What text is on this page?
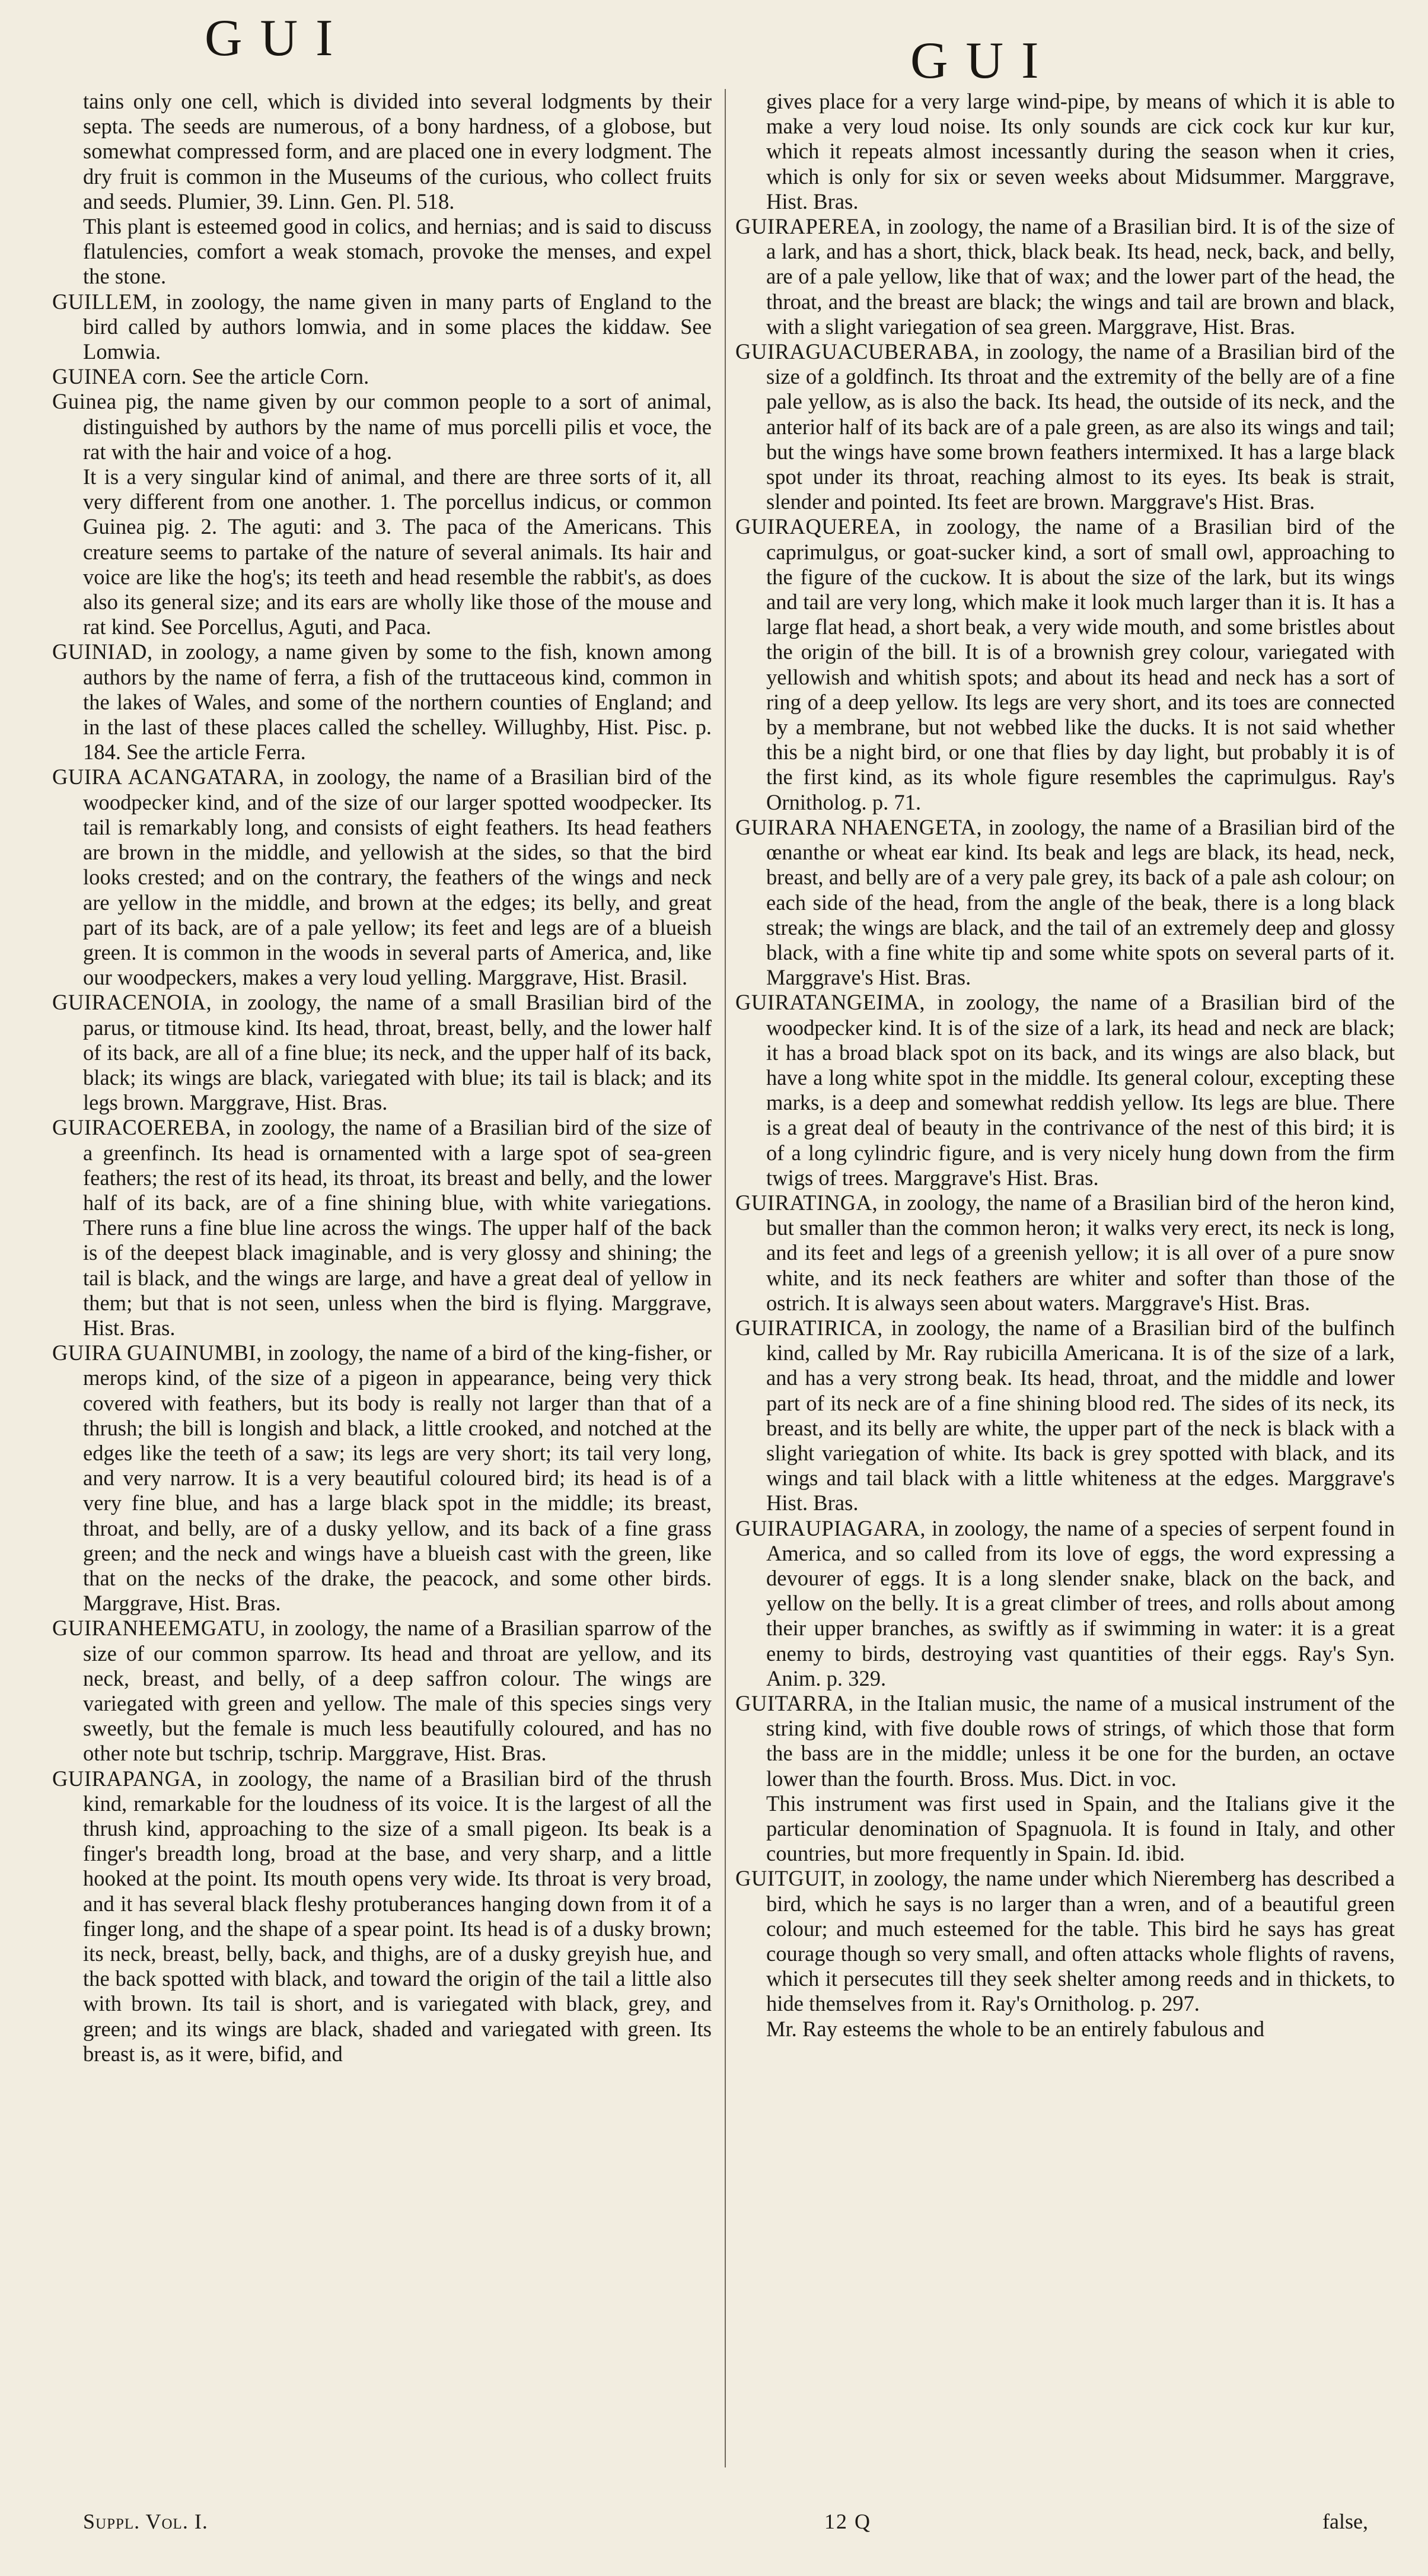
GUI	GUI

tains only one cell, which is divided into several lodgments by their septa. The seeds are numerous, of a bony hardness, of a globose, but somewhat compressed form, and are placed one in every lodgment. The dry fruit is common in the Museums of the curious, who collect fruits and seeds. Plumier, 39. Linn. Gen. Pl. 518.

This plant is esteemed good in colics, and hernias; and is said to discuss flatulencies, comfort a weak stomach, provoke the menses, and expel the stone.

GUILLEM, in zoology, the name given in many parts of England to the bird called by authors lomwia, and in some places the kiddaw. See Lomwia.

GUINEA corn. See the article Corn.

Guinea pig, the name given by our common people to a sort of animal, distinguished by authors by the name of mus porcelli pilis et voce, the rat with the hair and voice of a hog.

It is a very singular kind of animal, and there are three sorts of it, all very different from one another. 1. The porcellus indicus, or common Guinea pig. 2. The aguti: and 3. The paca of the Americans. This creature seems to partake of the nature of several animals. Its hair and voice are like the hog's; its teeth and head resemble the rabbit's, as does also its general size; and its ears are wholly like those of the mouse and rat kind. See Porcellus, Aguti, and Paca.

GUINIAD, in zoology, a name given by some to the fish, known among authors by the name of ferra, a fish of the truttaceous kind, common in the lakes of Wales, and some of the northern counties of England; and in the last of these places called the schelley. Willughby, Hist. Pisc. p. 184. See the article Ferra.

GUIRA ACANGATARA, in zoology, the name of a Brasilian bird of the woodpecker kind, and of the size of our larger spotted woodpecker. Its tail is remarkably long, and consists of eight feathers. Its head feathers are brown in the middle, and yellowish at the sides, so that the bird looks crested; and on the contrary, the feathers of the wings and neck are yellow in the middle, and brown at the edges; its belly, and great part of its back, are of a pale yellow; its feet and legs are of a blueish green. It is common in the woods in several parts of America, and, like our woodpeckers, makes a very loud yelling. Marggrave, Hist. Brasil.

GUIRACENOIA, in zoology, the name of a small Brasilian bird of the parus, or titmouse kind. Its head, throat, breast, belly, and the lower half of its back, are all of a fine blue; its neck, and the upper half of its back, black; its wings are black, variegated with blue; its tail is black; and its legs brown. Marggrave, Hist. Bras.

GUIRACOEREBA, in zoology, the name of a Brasilian bird of the size of a greenfinch. Its head is ornamented with a large spot of sea-green feathers; the rest of its head, its throat, its breast and belly, and the lower half of its back, are of a fine shining blue, with white variegations. There runs a fine blue line across the wings. The upper half of the back is of the deepest black imaginable, and is very glossy and shining; the tail is black, and the wings are large, and have a great deal of yellow in them; but that is not seen, unless when the bird is flying. Marggrave, Hist. Bras.

GUIRA GUAINUMBI, in zoology, the name of a bird of the king-fisher, or merops kind, of the size of a pigeon in appearance, being very thick covered with feathers, but its body is really not larger than that of a thrush; the bill is longish and black, a little crooked, and notched at the edges like the teeth of a saw; its legs are very short; its tail very long, and very narrow. It is a very beautiful coloured bird; its head is of a very fine blue, and has a large black spot in the middle; its breast, throat, and belly, are of a dusky yellow, and its back of a fine grass green; and the neck and wings have a blueish cast with the green, like that on the necks of the drake, the peacock, and some other birds. Marggrave, Hist. Bras.

GUIRANHEEMGATU, in zoology, the name of a Brasilian sparrow of the size of our common sparrow. Its head and throat are yellow, and its neck, breast, and belly, of a deep saffron colour. The wings are variegated with green and yellow. The male of this species sings very sweetly, but the female is much less beautifully coloured, and has no other note but tschrip, tschrip. Marggrave, Hist. Bras.

GUIRAPANGA, in zoology, the name of a Brasilian bird of the thrush kind, remarkable for the loudness of its voice. It is the largest of all the thrush kind, approaching to the size of a small pigeon. Its beak is a finger's breadth long, broad at the base, and very sharp, and a little hooked at the point. Its mouth opens very wide. Its throat is very broad, and it has several black fleshy protuberances hanging down from it of a finger long, and the shape of a spear point. Its head is of a dusky brown; its neck, breast, belly, back, and thighs, are of a dusky greyish hue, and the back spotted with black, and toward the origin of the tail a little also with brown. Its tail is short, and is variegated with black, grey, and green; and its wings are black, shaded and variegated with green. Its breast is, as it were, bifid, and

gives place for a very large wind-pipe, by means of which it is able to make a very loud noise. Its only sounds are cick cock kur kur kur, which it repeats almost incessantly during the season when it cries, which is only for six or seven weeks about Midsummer. Marggrave, Hist. Bras.

GUIRAPEREA, in zoology, the name of a Brasilian bird. It is of the size of a lark, and has a short, thick, black beak. Its head, neck, back, and belly, are of a pale yellow, like that of wax; and the lower part of the head, the throat, and the breast are black; the wings and tail are brown and black, with a slight variegation of sea green. Marggrave, Hist. Bras.

GUIRAGUACUBERABA, in zoology, the name of a Brasilian bird of the size of a goldfinch. Its throat and the extremity of the belly are of a fine pale yellow, as is also the back. Its head, the outside of its neck, and the anterior half of its back are of a pale green, as are also its wings and tail; but the wings have some brown feathers intermixed. It has a large black spot under its throat, reaching almost to its eyes. Its beak is strait, slender and pointed. Its feet are brown. Marggrave's Hist. Bras.

GUIRAQUEREA, in zoology, the name of a Brasilian bird of the caprimulgus, or goat-sucker kind, a sort of small owl, approaching to the figure of the cuckow. It is about the size of the lark, but its wings and tail are very long, which make it look much larger than it is. It has a large flat head, a short beak, a very wide mouth, and some bristles about the origin of the bill. It is of a brownish grey colour, variegated with yellowish and whitish spots; and about its head and neck has a sort of ring of a deep yellow. Its legs are very short, and its toes are connected by a membrane, but not webbed like the ducks. It is not said whether this be a night bird, or one that flies by day light, but probably it is of the first kind, as its whole figure resembles the caprimulgus. Ray's Ornitholog. p. 71.

GUIRARA NHAENGETA, in zoology, the name of a Brasilian bird of the œnanthe or wheat ear kind. Its beak and legs are black, its head, neck, breast, and belly are of a very pale grey, its back of a pale ash colour; on each side of the head, from the angle of the beak, there is a long black streak; the wings are black, and the tail of an extremely deep and glossy black, with a fine white tip and some white spots on several parts of it. Marggrave's Hist. Bras.

GUIRATANGEIMA, in zoology, the name of a Brasilian bird of the woodpecker kind. It is of the size of a lark, its head and neck are black; it has a broad black spot on its back, and its wings are also black, but have a long white spot in the middle. Its general colour, excepting these marks, is a deep and somewhat reddish yellow. Its legs are blue. There is a great deal of beauty in the contrivance of the nest of this bird; it is of a long cylindric figure, and is very nicely hung down from the firm twigs of trees. Marggrave's Hist. Bras.

GUIRATINGA, in zoology, the name of a Brasilian bird of the heron kind, but smaller than the common heron; it walks very erect, its neck is long, and its feet and legs of a greenish yellow; it is all over of a pure snow white, and its neck feathers are whiter and softer than those of the ostrich. It is always seen about waters. Marggrave's Hist. Bras.

GUIRATIRICA, in zoology, the name of a Brasilian bird of the bulfinch kind, called by Mr. Ray rubicilla Americana. It is of the size of a lark, and has a very strong beak. Its head, throat, and the middle and lower part of its neck are of a fine shining blood red. The sides of its neck, its breast, and its belly are white, the upper part of the neck is black with a slight variegation of white. Its back is grey spotted with black, and its wings and tail black with a little whiteness at the edges. Marggrave's Hist. Bras.

GUIRAUPIAGARA, in zoology, the name of a species of serpent found in America, and so called from its love of eggs, the word expressing a devourer of eggs. It is a long slender snake, black on the back, and yellow on the belly. It is a great climber of trees, and rolls about among their upper branches, as swiftly as if swimming in water: it is a great enemy to birds, destroying vast quantities of their eggs. Ray's Syn. Anim. p. 329.

GUITARRA, in the Italian music, the name of a musical instrument of the string kind, with five double rows of strings, of which those that form the bass are in the middle; unless it be one for the burden, an octave lower than the fourth. Bross. Mus. Dict. in voc.

This instrument was first used in Spain, and the Italians give it the particular denomination of Spagnuola. It is found in Italy, and other countries, but more frequently in Spain. Id. ibid.

GUITGUIT, in zoology, the name under which Nieremberg has described a bird, which he says is no larger than a wren, and of a beautiful green colour; and much esteemed for the table. This bird he says has great courage though so very small, and often attacks whole flights of ravens, which it persecutes till they seek shelter among reeds and in thickets, to hide themselves from it. Ray's Ornitholog. p. 297.

Mr. Ray esteems the whole to be an entirely fabulous and

Suppl. Vol. I.	12 Q	false,
